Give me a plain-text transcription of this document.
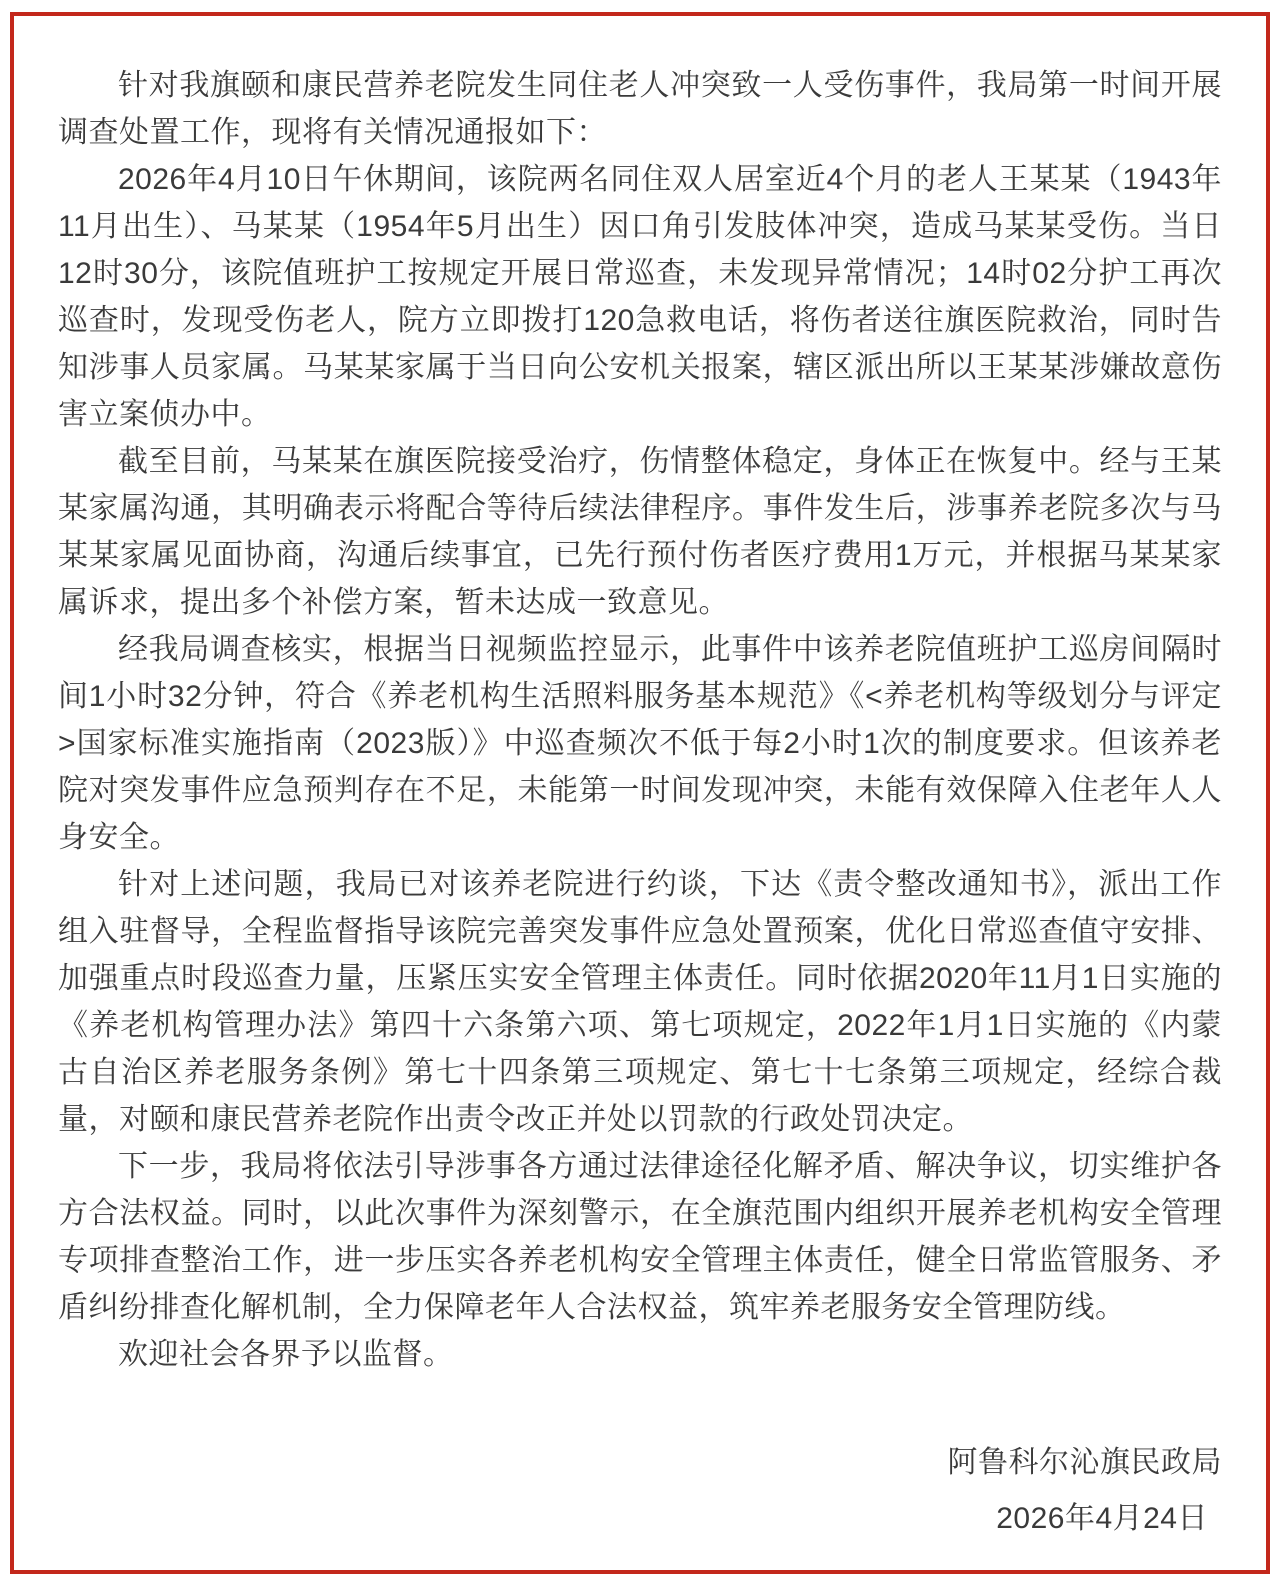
针对我旗颐和康民营养老院发生同住老人冲突致一人受伤事件，我局第一时间开展调查处置工作，现将有关情况通报如下：

2026年4月10日午休期间，该院两名同住双人居室近4个月的老人王某某（1943年11月出生）、马某某（1954年5月出生）因口角引发肢体冲突，造成马某某受伤。当日12时30分，该院值班护工按规定开展日常巡查，未发现异常情况；14时02分护工再次巡查时，发现受伤老人，院方立即拨打120急救电话，将伤者送往旗医院救治，同时告知涉事人员家属。马某某家属于当日向公安机关报案，辖区派出所以王某某涉嫌故意伤害立案侦办中。

截至目前，马某某在旗医院接受治疗，伤情整体稳定，身体正在恢复中。经与王某某家属沟通，其明确表示将配合等待后续法律程序。事件发生后，涉事养老院多次与马某某家属见面协商，沟通后续事宜，已先行预付伤者医疗费用1万元，并根据马某某家属诉求，提出多个补偿方案，暂未达成一致意见。

经我局调查核实，根据当日视频监控显示，此事件中该养老院值班护工巡房间隔时间1小时32分钟，符合《养老机构生活照料服务基本规范》《<养老机构等级划分与评定>国家标准实施指南（2023版）》中巡查频次不低于每2小时1次的制度要求。但该养老院对突发事件应急预判存在不足，未能第一时间发现冲突，未能有效保障入住老年人人身安全。

针对上述问题，我局已对该养老院进行约谈，下达《责令整改通知书》，派出工作组入驻督导，全程监督指导该院完善突发事件应急处置预案，优化日常巡查值守安排、加强重点时段巡查力量，压紧压实安全管理主体责任。同时依据2020年11月1日实施的《养老机构管理办法》第四十六条第六项、第七项规定，2022年1月1日实施的《内蒙古自治区养老服务条例》第七十四条第三项规定、第七十七条第三项规定，经综合裁量，对颐和康民营养老院作出责令改正并处以罚款的行政处罚决定。

下一步，我局将依法引导涉事各方通过法律途径化解矛盾、解决争议，切实维护各方合法权益。同时，以此次事件为深刻警示，在全旗范围内组织开展养老机构安全管理专项排查整治工作，进一步压实各养老机构安全管理主体责任，健全日常监管服务、矛盾纠纷排查化解机制，全力保障老年人合法权益，筑牢养老服务安全管理防线。

欢迎社会各界予以监督。

阿鲁科尔沁旗民政局
2026年4月24日
